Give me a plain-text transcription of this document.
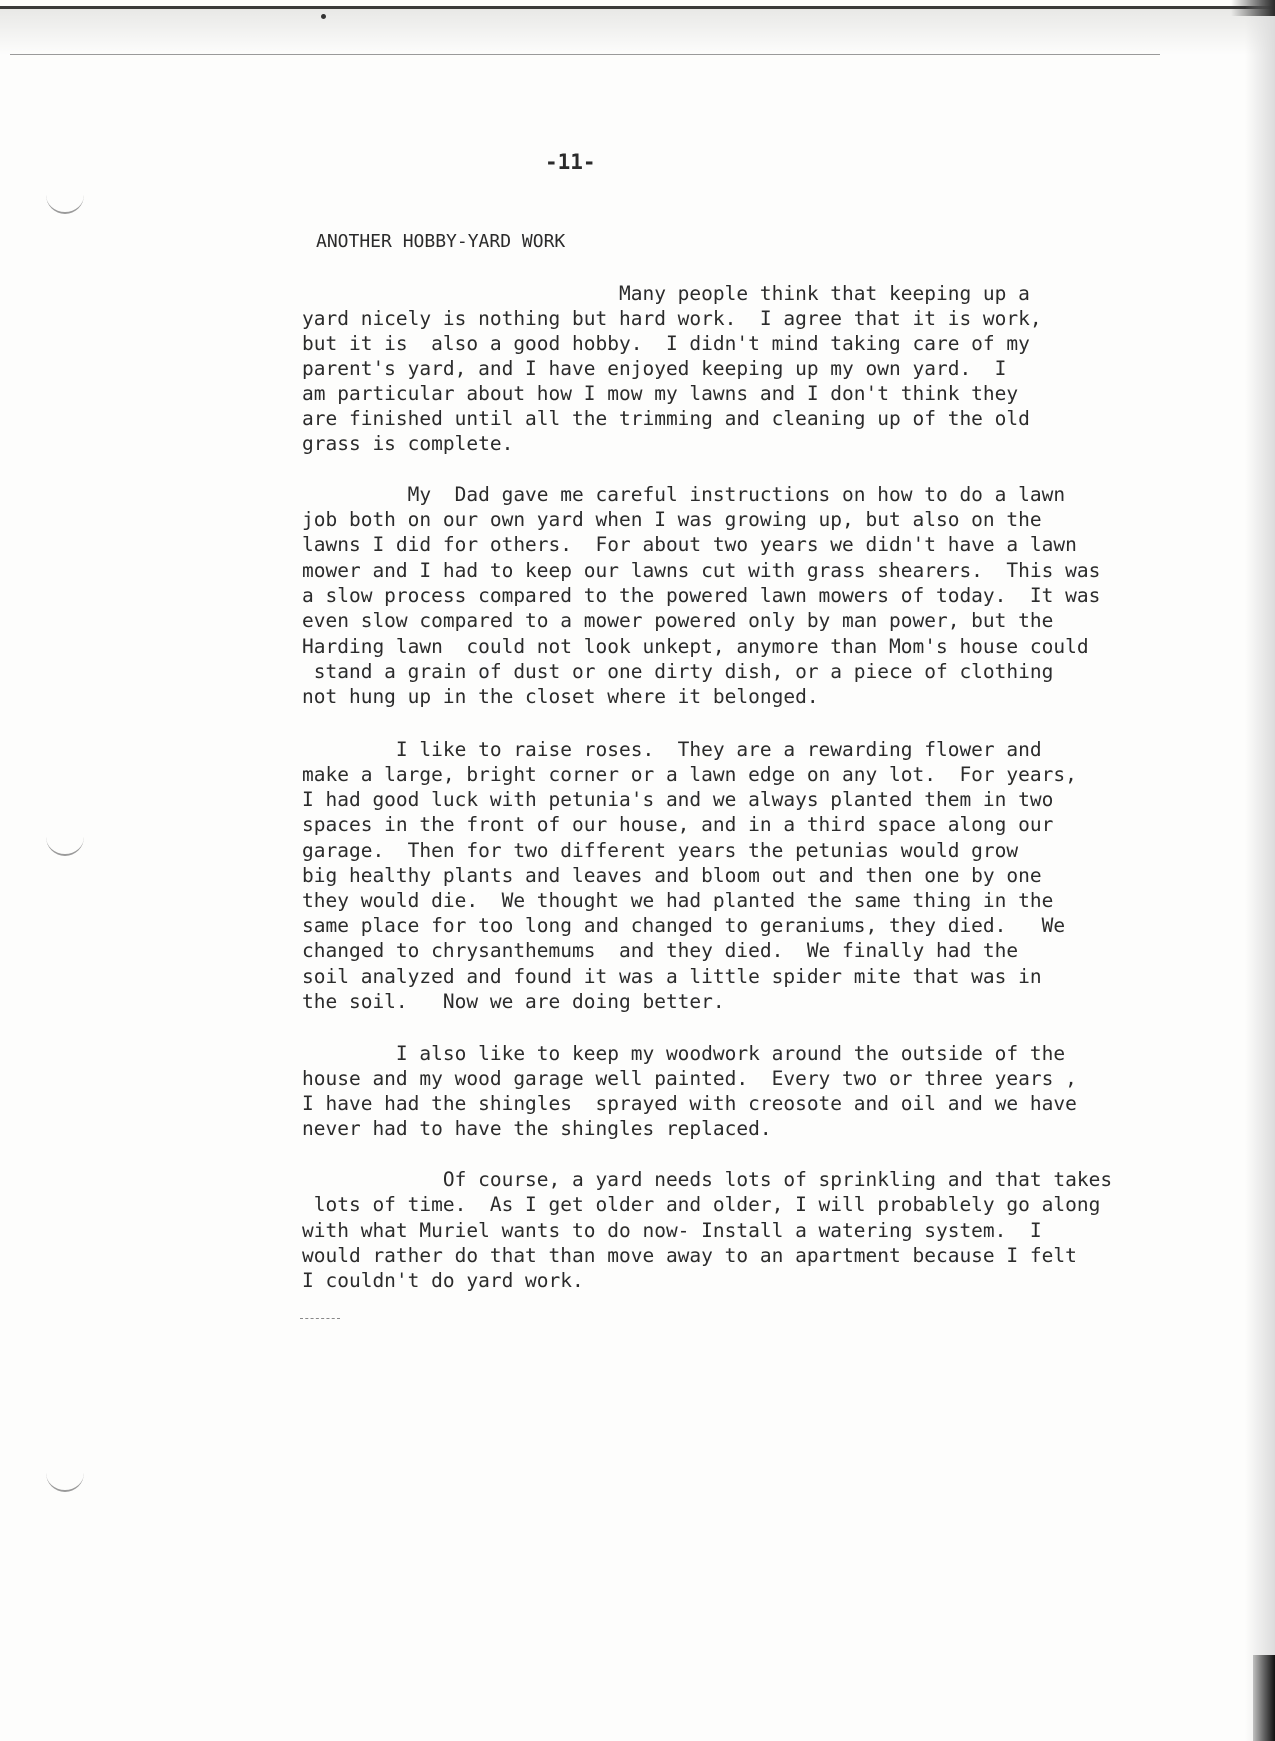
-11-
ANOTHER HOBBY-YARD WORK
Many people think that keeping up a
yard nicely is nothing but hard work.  I agree that it is work,
but it is  also a good hobby.  I didn't mind taking care of my
parent's yard, and I have enjoyed keeping up my own yard.  I
am particular about how I mow my lawns and I don't think they
are finished until all the trimming and cleaning up of the old
grass is complete.
My  Dad gave me careful instructions on how to do a lawn
job both on our own yard when I was growing up, but also on the
lawns I did for others.  For about two years we didn't have a lawn
mower and I had to keep our lawns cut with grass shearers.  This was
a slow process compared to the powered lawn mowers of today.  It was
even slow compared to a mower powered only by man power, but the
Harding lawn  could not look unkept, anymore than Mom's house could
stand a grain of dust or one dirty dish, or a piece of clothing
not hung up in the closet where it belonged.
I like to raise roses.  They are a rewarding flower and
make a large, bright corner or a lawn edge on any lot.  For years,
I had good luck with petunia's and we always planted them in two
spaces in the front of our house, and in a third space along our
garage.  Then for two different years the petunias would grow
big healthy plants and leaves and bloom out and then one by one
they would die.  We thought we had planted the same thing in the
same place for too long and changed to geraniums, they died.   We
changed to chrysanthemums  and they died.  We finally had the
soil analyzed and found it was a little spider mite that was in
the soil.   Now we are doing better.
I also like to keep my woodwork around the outside of the
house and my wood garage well painted.  Every two or three years ,
I have had the shingles  sprayed with creosote and oil and we have
never had to have the shingles replaced.
Of course, a yard needs lots of sprinkling and that takes
lots of time.  As I get older and older, I will probablely go along
with what Muriel wants to do now- Install a watering system.  I
would rather do that than move away to an apartment because I felt
I couldn't do yard work.
